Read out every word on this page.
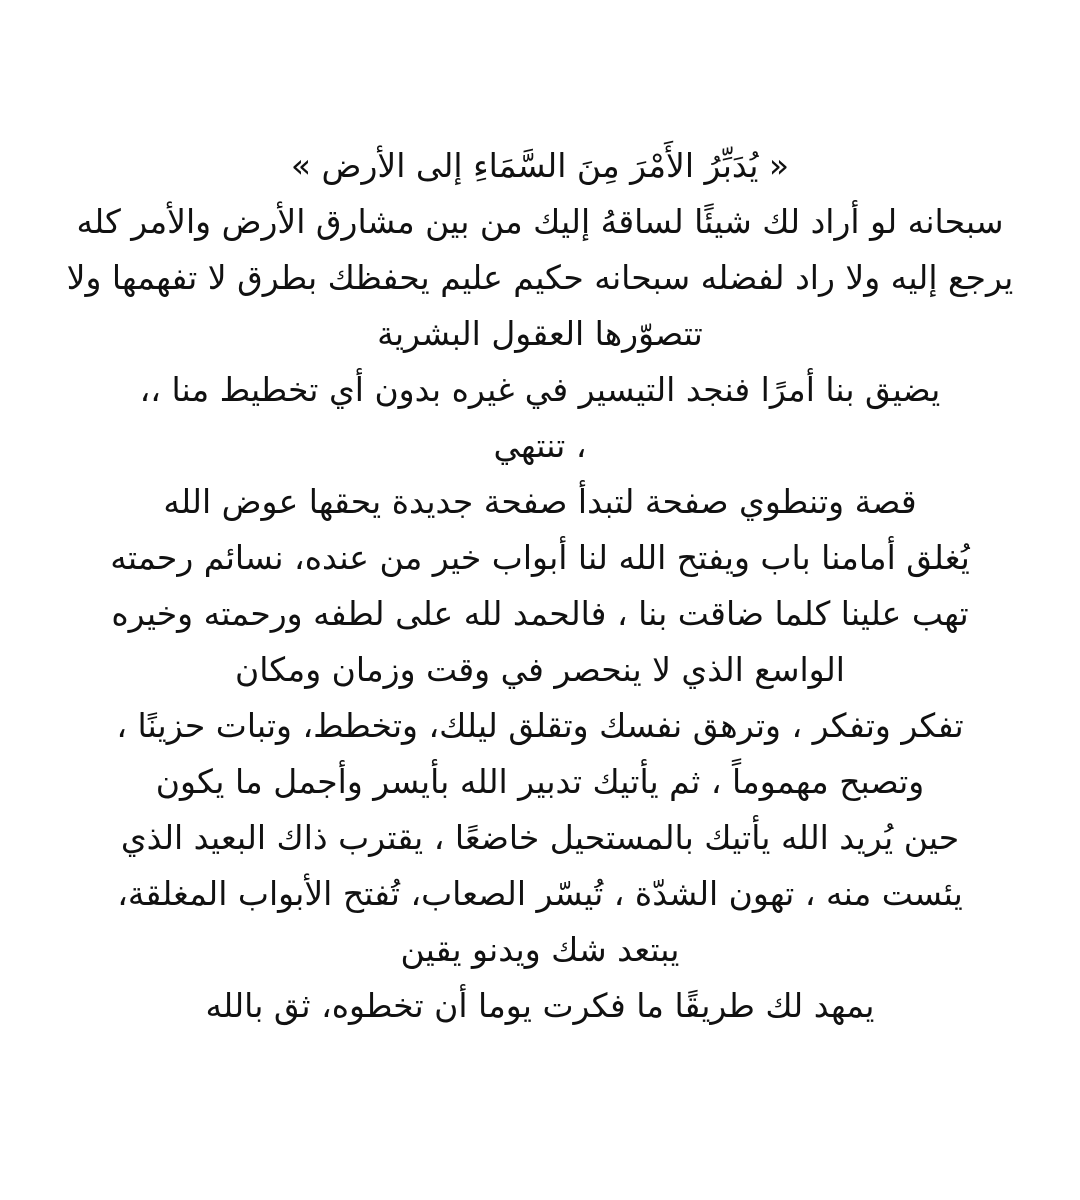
« يُدَبِّرُ الأَمْرَ مِنَ السَّمَاءِ إلى الأرض »
سبحانه لو أراد لك شيئًا لساقهُ إليك من بين مشارق الأرض والأمر كله
يرجع إليه ولا راد لفضله سبحانه حكيم عليم يحفظك بطرق لا تفهمها ولا
تتصوّرها العقول البشرية
يضيق بنا أمرًا فنجد التيسير في غيره بدون أي تخطيط منا ،،
، تنتهي
قصة وتنطوي صفحة لتبدأ صفحة جديدة يحقها عوض الله
يُغلق أمامنا باب ويفتح الله لنا أبواب خير من عنده، نسائم رحمته
تهب علينا كلما ضاقت بنا ، فالحمد لله على لطفه ورحمته وخيره
الواسع الذي لا ينحصر في وقت وزمان ومكان
تفكر وتفكر ، وترهق نفسك وتقلق ليلك، وتخطط، وتبات حزينًا ،
وتصبح مهموماً ، ثم يأتيك تدبير الله بأيسر وأجمل ما يكون
حين يُريد الله يأتيك بالمستحيل خاضعًا ، يقترب ذاك البعيد الذي
يئست منه ، تهون الشدّة ، تُيسّر الصعاب، تُفتح الأبواب المغلقة،
يبتعد شك ويدنو يقين
يمهد لك طريقًا ما فكرت يوما أن تخطوه، ثق بالله
